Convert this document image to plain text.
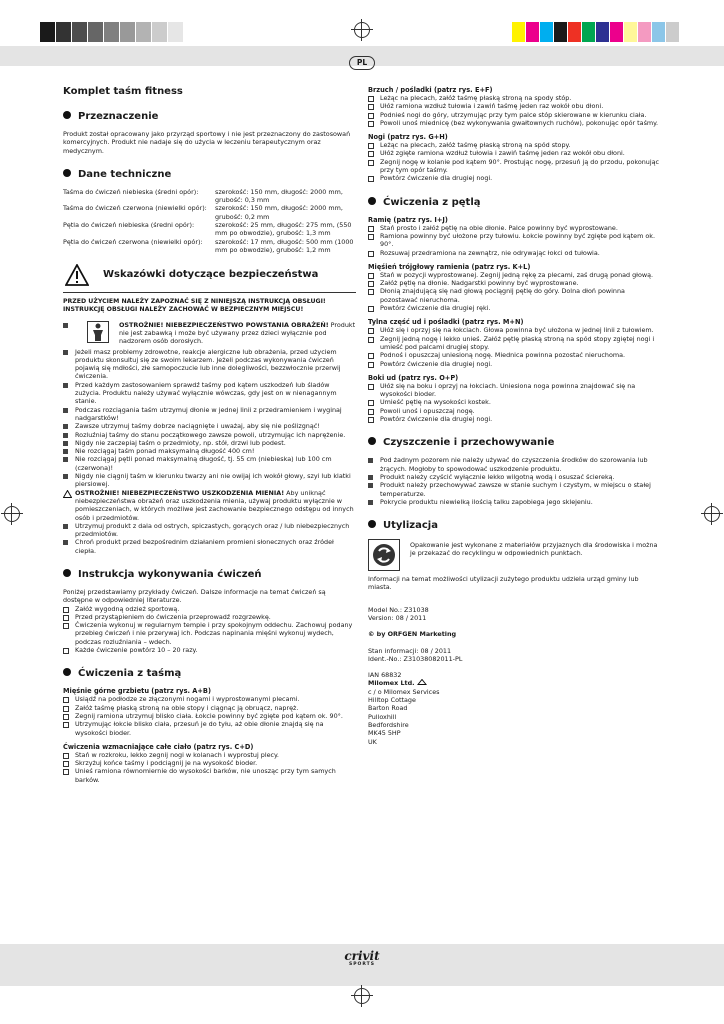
PL
Komplet taśm fitness
Przeznaczenie
Produkt został opracowany jako przyrząd sportowy i nie jest przeznaczony do zastosowań komercyjnych. Produkt nie nadaje się do użycia w leczeniu terapeutycznym oraz medycznym.
Dane techniczne
Taśma do ćwiczeń niebieska (średni opór):	szerokość: 150 mm, długość: 2000 mm, grubość: 0,3 mm
Taśma do ćwiczeń czerwona (niewielki opór):	szerokość: 150 mm, długość: 2000 mm, grubość: 0,2 mm
Pętla do ćwiczeń niebieska (średni opór):	szerokość: 25 mm, długość: 275 mm, (550 mm po obwodzie), grubość: 1,3 mm
Pętla do ćwiczeń czerwona (niewielki opór):	szerokość: 17 mm, długość: 500 mm (1000 mm po obwodzie), grubość: 1,2 mm
Wskazówki dotyczące bezpieczeństwa
PRZED UŻYCIEM NALEŻY ZAPOZNAĆ SIĘ Z NINIEJSZĄ INSTRUKCJĄ OBSŁUGI! INSTRUKCJĘ OBSŁUGI NALEŻY ZACHOWAĆ W BEZPIECZNYM MIEJSCU!
OSTROŻNIE! NIEBEZPIECZEŃSTWO POWSTANIA OBRAŻEŃ! Produkt nie jest zabawką i może być używany przez dzieci wyłącznie pod nadzorem osób dorosłych.
Jeżeli masz problemy zdrowotne, reakcje alergiczne lub obrażenia, przed użyciem produktu skonsultuj się ze swoim lekarzem. Jeżeli podczas wykonywania ćwiczeń pojawią się mdłości, złe samopoczucie lub inne dolegliwości, bezzwłocznie przerwij ćwiczenia.
Przed każdym zastosowaniem sprawdź taśmy pod kątem uszkodzeń lub śladów zużycia. Produktu należy używać wyłącznie wówczas, gdy jest on w nienagannym stanie.
Podczas rozciągania taśm utrzymuj dłonie w jednej linii z przedramieniem i wyginaj nadgarstków!
Zawsze utrzymuj taśmy dobrze naciągnięte i uważaj, aby się nie poślizgnąć!
Rozluźniaj taśmy do stanu początkowego zawsze powoli, utrzymując ich naprężenie.
Nigdy nie zaczepiaj taśm o przedmioty, np. stół, drzwi lub podest.
Nie rozciągaj taśm ponad maksymalną długość 400 cm!
Nie rozciągaj pętli ponad maksymalną długość, tj. 55 cm (niebieska) lub 100 cm (czerwona)!
Nigdy nie ciągnij taśm w kierunku twarzy ani nie owijaj ich wokół głowy, szyi lub klatki piersiowej.
OSTROŻNIE! NIEBEZPIECZEŃSTWO USZKODZENIA MIENIA! Aby uniknąć niebezpieczeństwa obrażeń oraz uszkodzenia mienia, używaj produktu wyłącznie w pomieszczeniach, w których możliwe jest zachowanie bezpiecznego odstępu od innych osób i przedmiotów.
Utrzymuj produkt z dala od ostrych, spiczastych, gorących oraz / lub niebezpiecznych przedmiotów.
Chroń produkt przed bezpośrednim działaniem promieni słonecznych oraz źródeł ciepła.
Instrukcja wykonywania ćwiczeń
Poniżej przedstawiamy przykłady ćwiczeń. Dalsze informacje na temat ćwiczeń są dostępne w odpowiedniej literaturze.
Załóż wygodną odzież sportową.
Przed przystąpieniem do ćwiczenia przeprowadź rozgrzewkę.
Ćwiczenia wykonuj w regularnym tempie i przy spokojnym oddechu. Zachowuj podany przebieg ćwiczeń i nie przerywaj ich. Podczas napinania mięśni wykonuj wydech, podczas rozluźniania – wdech.
Każde ćwiczenie powtórz 10 – 20 razy.
Ćwiczenia z taśmą
Mięśnie górne grzbietu (patrz rys. A+B)
Usiądź na podłodze ze złączonymi nogami i wyprostowanymi plecami.
Załóż taśmę płaską stroną na obie stopy i ciągnąc ją obruącz, napręż.
Zegnij ramiona utrzymuj blisko ciała. Łokcie powinny być zgięte pod kątem ok. 90°.
Utrzymując łokcie blisko ciała, przesuń je do tyłu, aż obie dłonie znajdą się na wysokości bioder.
Ćwiczenia wzmacniające całe ciało (patrz rys. C+D)
Stań w rozkroku, lekko zegnij nogi w kolanach i wyprostuj plecy.
Skrzyżuj końce taśmy i podciągnij je na wysokość bioder.
Unieś ramiona równomiernie do wysokości barków, nie unosząc przy tym samych barków.
Brzuch / pośladki (patrz rys. E+F)
Leżąc na plecach, załóż taśmę płaską stroną na spody stóp.
Ułóż ramiona wzdłuż tułowia i zawiń taśmę jeden raz wokół obu dłoni.
Podnieś nogi do góry, utrzymując przy tym palce stóp skierowane w kierunku ciała.
Powoli unoś miednicę (bez wykonywania gwałtownych ruchów), pokonując opór taśmy.
Nogi (patrz rys. G+H)
Leżąc na plecach, załóż taśmę płaską stroną na spód stopy.
Ułóż zgięte ramiona wzdłuż tułowia i zawiń taśmę jeden raz wokół obu dłoni.
Zegnij nogę w kolanie pod kątem 90°. Prostując nogę, przesuń ją do przodu, pokonując przy tym opór taśmy.
Powtórz ćwiczenie dla drugiej nogi.
Ćwiczenia z pętlą
Ramię (patrz rys. I+J)
Stań prosto i załóż pętlę na obie dłonie. Palce powinny być wyprostowane.
Ramiona powinny być ułożone przy tułowiu. Łokcie powinny być zgięte pod kątem ok. 90°.
Rozsuwaj przedramiona na zewnątrz, nie odrywając łokci od tułowia.
Mięśień trójgłowy ramienia (patrz rys. K+L)
Stań w pozycji wyprostowanej. Zegnij jedną rękę za plecami, zaś drugą ponad głową.
Załóż pętlę na dłonie. Nadgarstki powinny być wyprostowane.
Dłonią znajdującą się nad głową pociągnij pętlę do góry. Dolna dłoń powinna pozostawać nieruchoma.
Powtórz ćwiczenie dla drugiej ręki.
Tylna część ud i pośladki (patrz rys. M+N)
Ułóż się i oprzyj się na łokciach. Głowa powinna być ułożona w jednej linii z tułowiem.
Zegnij jedną nogę i lekko unieś. Załóż pętlę płaską stroną na spód stopy zgiętej nogi i umieść pod palcami drugiej stopy.
Podnoś i opuszczaj uniesioną nogę. Miednica powinna pozostać nieruchoma.
Powtórz ćwiczenie dla drugiej nogi.
Boki ud (patrz rys. O+P)
Ułóż się na boku i oprzyj na łokciach. Uniesiona noga powinna znajdować się na wysokości bioder.
Umieść pętlę na wysokości kostek.
Powoli unoś i opuszczaj nogę.
Powtórz ćwiczenie dla drugiej nogi.
Czyszczenie i przechowywanie
Pod żadnym pozorem nie należy używać do czyszczenia środków do szorowania lub żrących. Mogłoby to spowodować uszkodzenie produktu.
Produkt należy czyścić wyłącznie lekko wilgotną wodą i osuszać ściereką.
Produkt należy przechowywać zawsze w stanie suchym i czystym, w miejscu o stałej temperaturze.
Pokrycie produktu niewielką ilością talku zapobiega jego sklejeniu.
Utylizacja
Opakowanie jest wykonane z materiałów przyjaznych dla środowiska i można je przekazać do recyklingu w odpowiednich punktach.
Informacji na temat możliwości utylizacji zużytego produktu udziela urząd gminy lub miasta.
Model No.: Z31038
Version: 08 / 2011
© by ORFGEN Marketing
Stan informacji: 08 / 2011
Ident.-No.: Z31038082011-PL
IAN 68832
Milomex Ltd.
c / o Milomex Services
Hilltop Cottage
Barton Road
Pulloxhill
Bedfordshire
MK45 5HP
UK
crivit
SPORTS
